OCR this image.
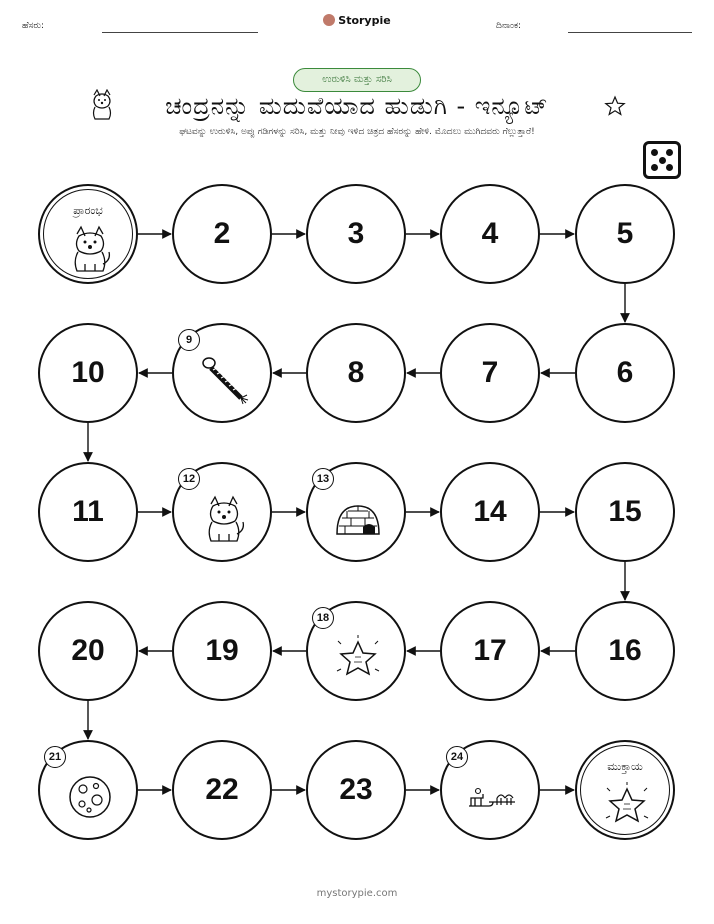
ಹೆಸರು:	Storypie	ದಿನಾಂಕ:
ಉರುಳಿಸಿ ಮತ್ತು ಸರಿಸಿ
ಚಂದ್ರನನ್ನು ಮದುವೆಯಾದ ಹುಡುಗಿ - ಇನ್ಯೂಟ್
ಘಟವನ್ನು ಉರುಳಿಸಿ, ಅಪ್ಪು ಗಡಿಗಳನ್ನು ಸರಿಸಿ, ಮತ್ತು ನೀವು ಇಳಿದ ಚಿತ್ರದ ಹೆಸರನ್ನು ಹೇಳಿ. ಮೊದಲು ಮುಗಿದವರು ಗೆಲ್ಲುತ್ತಾರೆ!
ಪ್ರಾರಂಭ
2	3	4	5
6
7
8
9
10
11
12	13
14	15
16
17
18
19
20
21
22	23
24
ಮುಕ್ತಾಯ
mystorypie.com
